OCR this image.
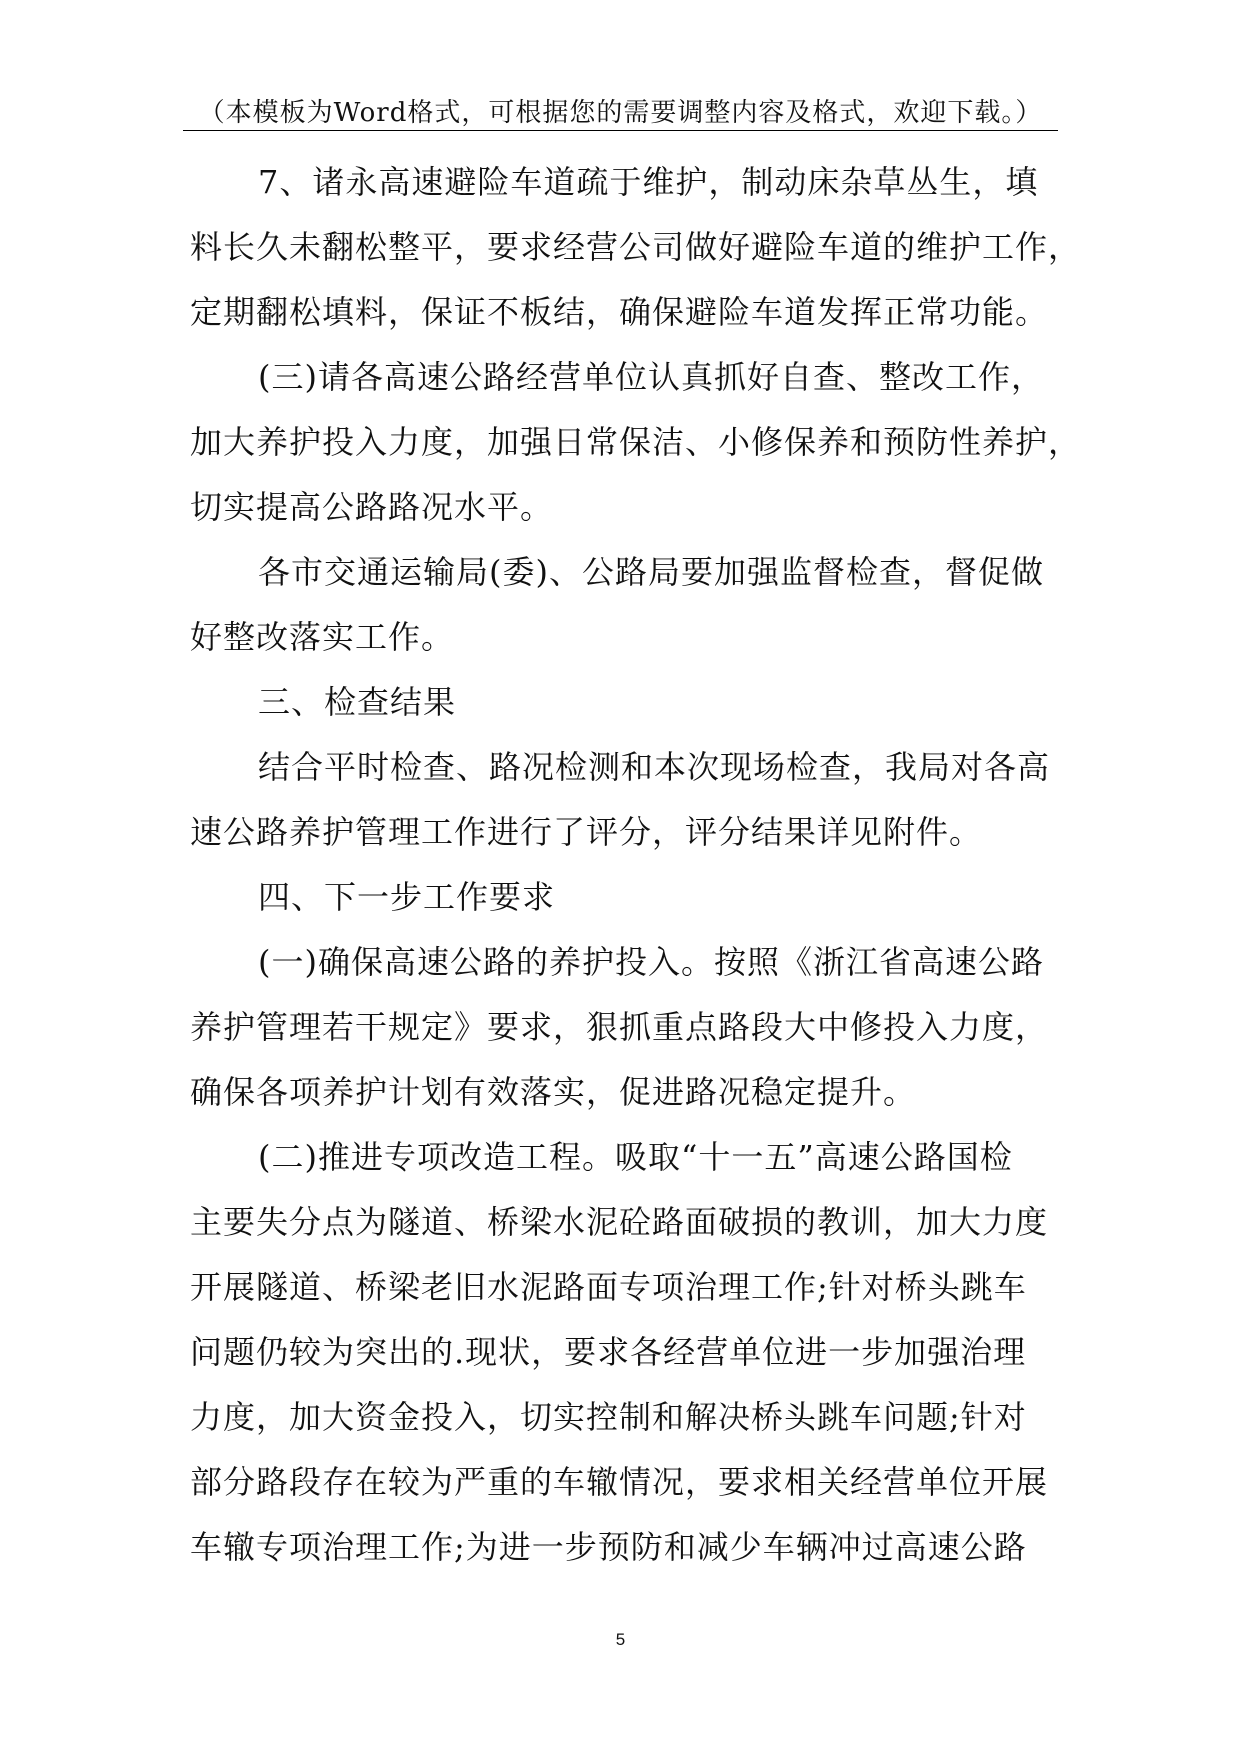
（本模板为Word格式，可根据您的需要调整内容及格式，欢迎下载。）
7、诸永高速避险车道疏于维护，制动床杂草丛生，填
料长久未翻松整平，要求经营公司做好避险车道的维护工作，
定期翻松填料，保证不板结，确保避险车道发挥正常功能。
(三)请各高速公路经营单位认真抓好自查、整改工作，
加大养护投入力度，加强日常保洁、小修保养和预防性养护，
切实提高公路路况水平。
各市交通运输局(委)、公路局要加强监督检查，督促做
好整改落实工作。
三、检查结果
结合平时检查、路况检测和本次现场检查，我局对各高
速公路养护管理工作进行了评分，评分结果详见附件。
四、下一步工作要求
(一)确保高速公路的养护投入。按照《浙江省高速公路
养护管理若干规定》要求，狠抓重点路段大中修投入力度，
确保各项养护计划有效落实，促进路况稳定提升。
(二)推进专项改造工程。吸取“十一五”高速公路国检
主要失分点为隧道、桥梁水泥砼路面破损的教训，加大力度
开展隧道、桥梁老旧水泥路面专项治理工作;针对桥头跳车
问题仍较为突出的.现状，要求各经营单位进一步加强治理
力度，加大资金投入，切实控制和解决桥头跳车问题;针对
部分路段存在较为严重的车辙情况，要求相关经营单位开展
车辙专项治理工作;为进一步预防和减少车辆冲过高速公路
5
